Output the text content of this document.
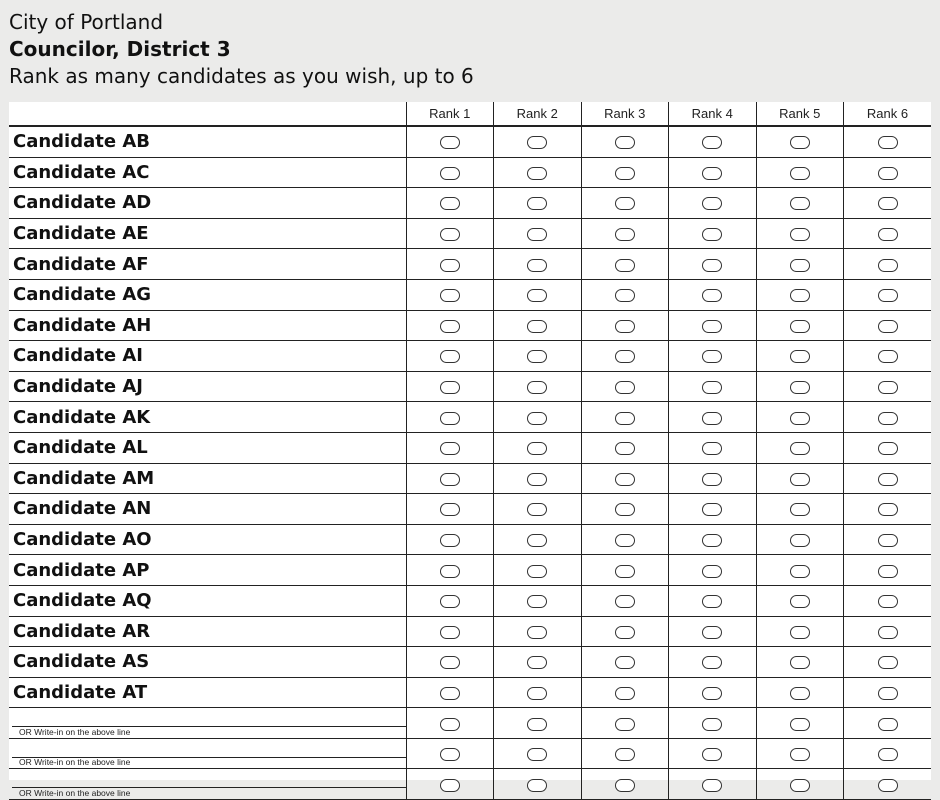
City of Portland
Councilor, District 3
Rank as many candidates as you wish, up to 6
	Rank 1	Rank 2	Rank 3	Rank 4	Rank 5	Rank 6
Candidate AB						
Candidate AC						
Candidate AD						
Candidate AE						
Candidate AF						
Candidate AG						
Candidate AH						
Candidate AI						
Candidate AJ						
Candidate AK						
Candidate AL						
Candidate AM						
Candidate AN						
Candidate AO						
Candidate AP						
Candidate AQ						
Candidate AR						
Candidate AS						
Candidate AT						

OR Write-in on the above line						

OR Write-in on the above line						

OR Write-in on the above line						
